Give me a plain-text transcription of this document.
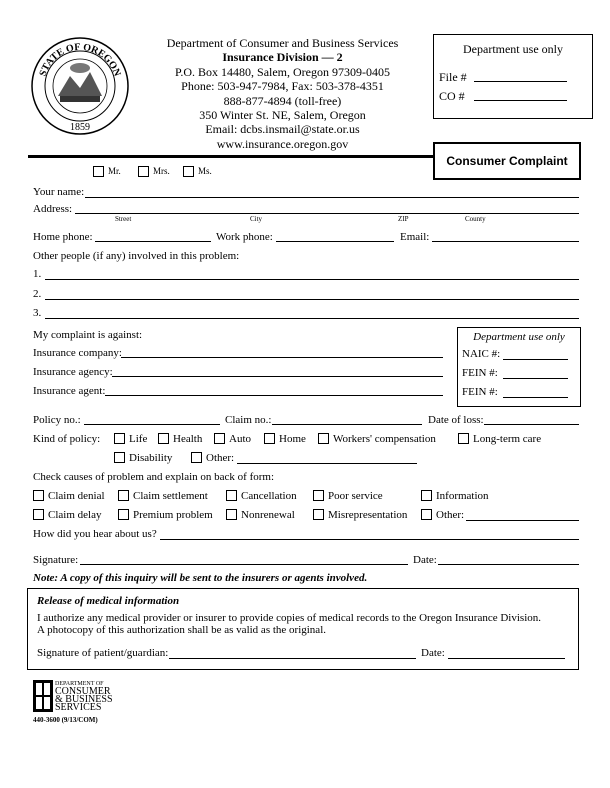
STATE OF OREGON
1859
Department of Consumer and Business Services
Insurance Division — 2
P.O. Box 14480, Salem, Oregon 97309-0405
Phone: 503-947-7984, Fax: 503-378-4351
888-877-4894 (toll-free)
350 Winter St. NE, Salem, Oregon
Email: dcbs.insmail@state.or.us
www.insurance.oregon.gov
Department use only
File #
CO #
Consumer Complaint
Mr.	Mrs.	Ms.
Your name:
Address:
Street	City	ZIP	County
Home phone:	Work phone:	Email:
Other people (if any) involved in this problem:
1.
2.
3.
My complaint is against:
Insurance company:
Insurance agency:
Insurance agent:
Department use only
NAIC #:
FEIN #:
FEIN #:
Policy no.:	Claim no.:	Date of loss:
Kind of policy:	Life Health Auto	Home Workers' compensation	Long-term care
Disability	Other:
Check causes of problem and explain on back of form:
Claim denial	Claim settlement	Cancellation	Poor service	Information
Claim delay	Premium problem	Nonrenewal	Misrepresentation	Other:
How did you hear about us?
Signature:	Date:
Note: A copy of this inquiry will be sent to the insurers or agents involved.
Release of medical information
I authorize any medical provider or insurer to provide copies of medical records to the Oregon Insurance Division.
A photocopy of this authorization shall be as valid as the original.
Signature of patient/guardian:	Date:
DEPARTMENT OF
CONSUMER
& BUSINESS
SERVICES
440-3600 (9/13/COM)
